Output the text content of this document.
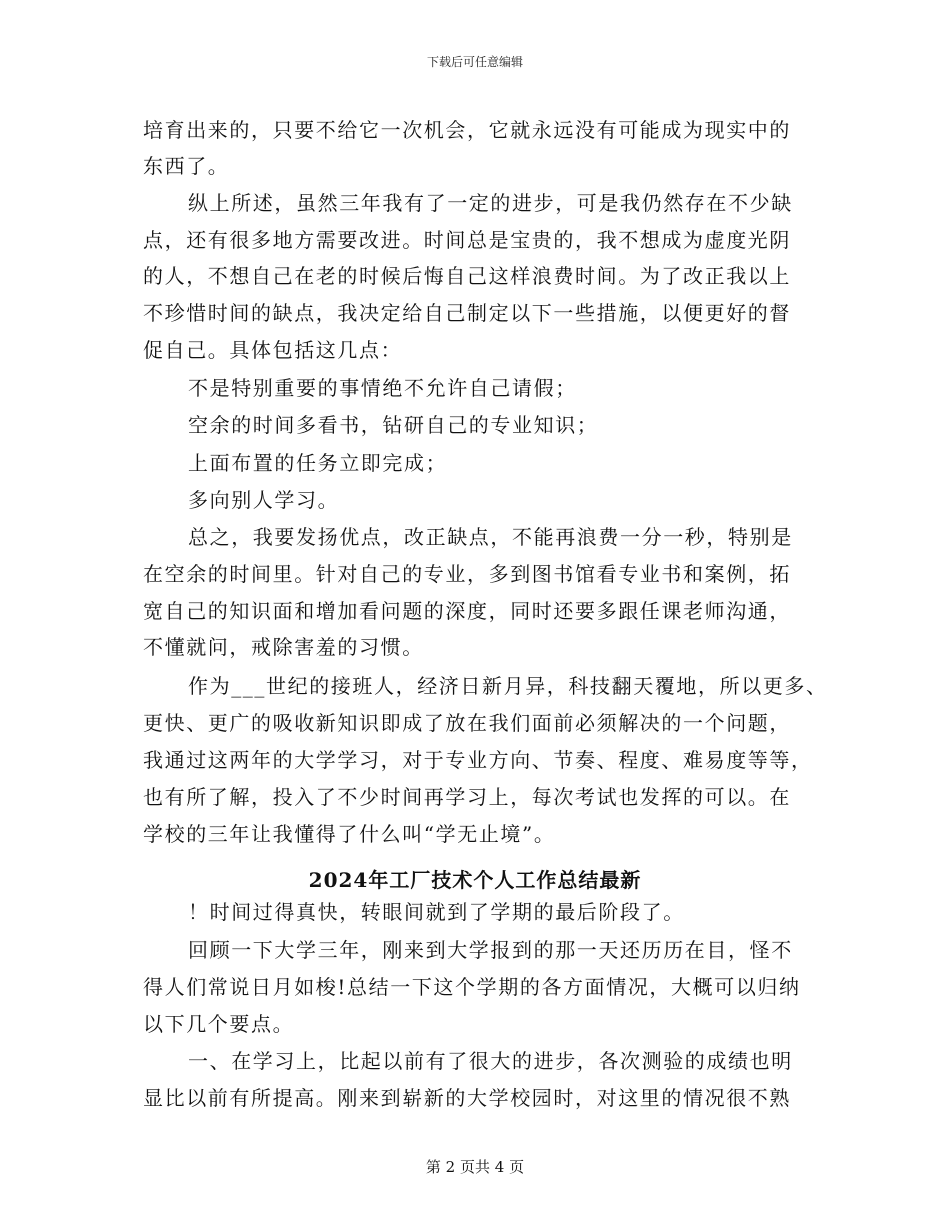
下载后可任意编辑
培育出来的，只要不给它一次机会，它就永远没有可能成为现实中的
东西了。
纵上所述，虽然三年我有了一定的进步，可是我仍然存在不少缺
点，还有很多地方需要改进。时间总是宝贵的，我不想成为虚度光阴
的人，不想自己在老的时候后悔自己这样浪费时间。为了改正我以上
不珍惜时间的缺点，我决定给自己制定以下一些措施，以便更好的督
促自己。具体包括这几点：
不是特别重要的事情绝不允许自己请假；
空余的时间多看书，钻研自己的专业知识；
上面布置的任务立即完成；
多向别人学习。
总之，我要发扬优点，改正缺点，不能再浪费一分一秒，特别是
在空余的时间里。针对自己的专业，多到图书馆看专业书和案例，拓
宽自己的知识面和增加看问题的深度，同时还要多跟任课老师沟通，
不懂就问，戒除害羞的习惯。
作为___世纪的接班人，经济日新月异，科技翻天覆地，所以更多、
更快、更广的吸收新知识即成了放在我们面前必须解决的一个问题，
我通过这两年的大学学习，对于专业方向、节奏、程度、难易度等等，
也有所了解，投入了不少时间再学习上，每次考试也发挥的可以。在
学校的三年让我懂得了什么叫“学无止境”。
2024年工厂技术个人工作总结最新
！时间过得真快，转眼间就到了学期的最后阶段了。
回顾一下大学三年，刚来到大学报到的那一天还历历在目，怪不
得人们常说日月如梭!总结一下这个学期的各方面情况，大概可以归纳
以下几个要点。
一、在学习上，比起以前有了很大的进步，各次测验的成绩也明
显比以前有所提高。刚来到崭新的大学校园时，对这里的情况很不熟
第 2 页共 4 页
